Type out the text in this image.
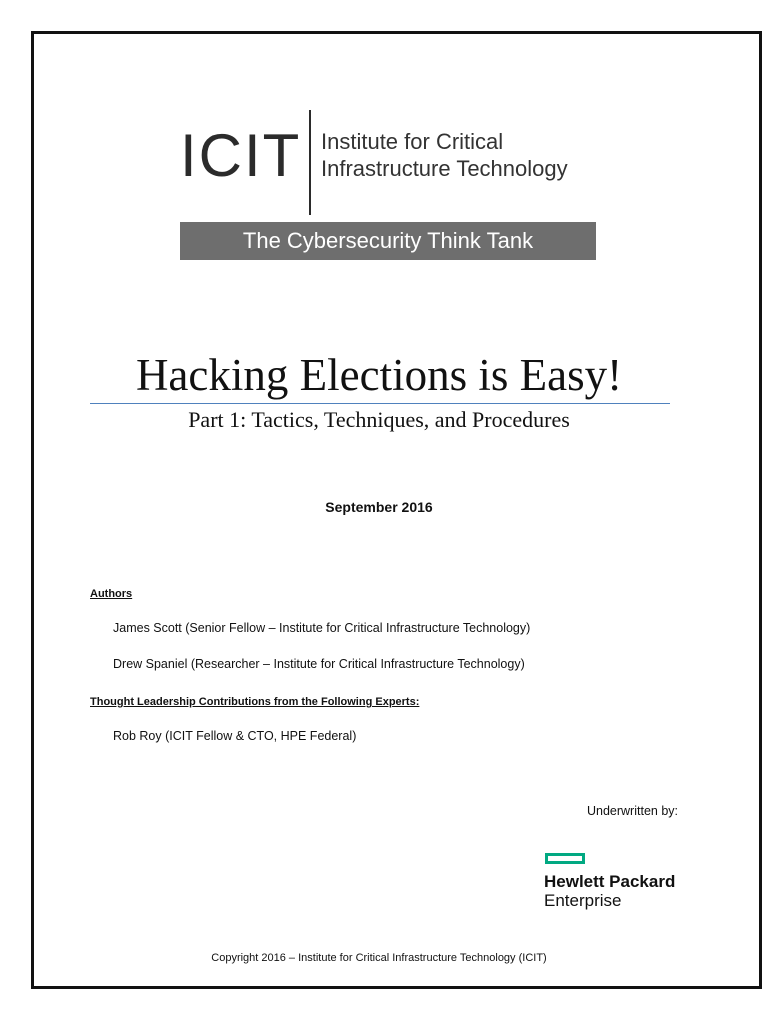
ICIT Institute for Critical
Infrastructure Technology
The Cybersecurity Think Tank
Hacking Elections is Easy!
Part 1: Tactics, Techniques, and Procedures
September 2016
Authors
James Scott (Senior Fellow – Institute for Critical Infrastructure Technology)
Drew Spaniel (Researcher – Institute for Critical Infrastructure Technology)
Thought Leadership Contributions from the Following Experts:
Rob Roy (ICIT Fellow & CTO, HPE Federal)
Underwritten by:
Hewlett Packard
Enterprise
Copyright 2016 – Institute for Critical Infrastructure Technology (ICIT)
